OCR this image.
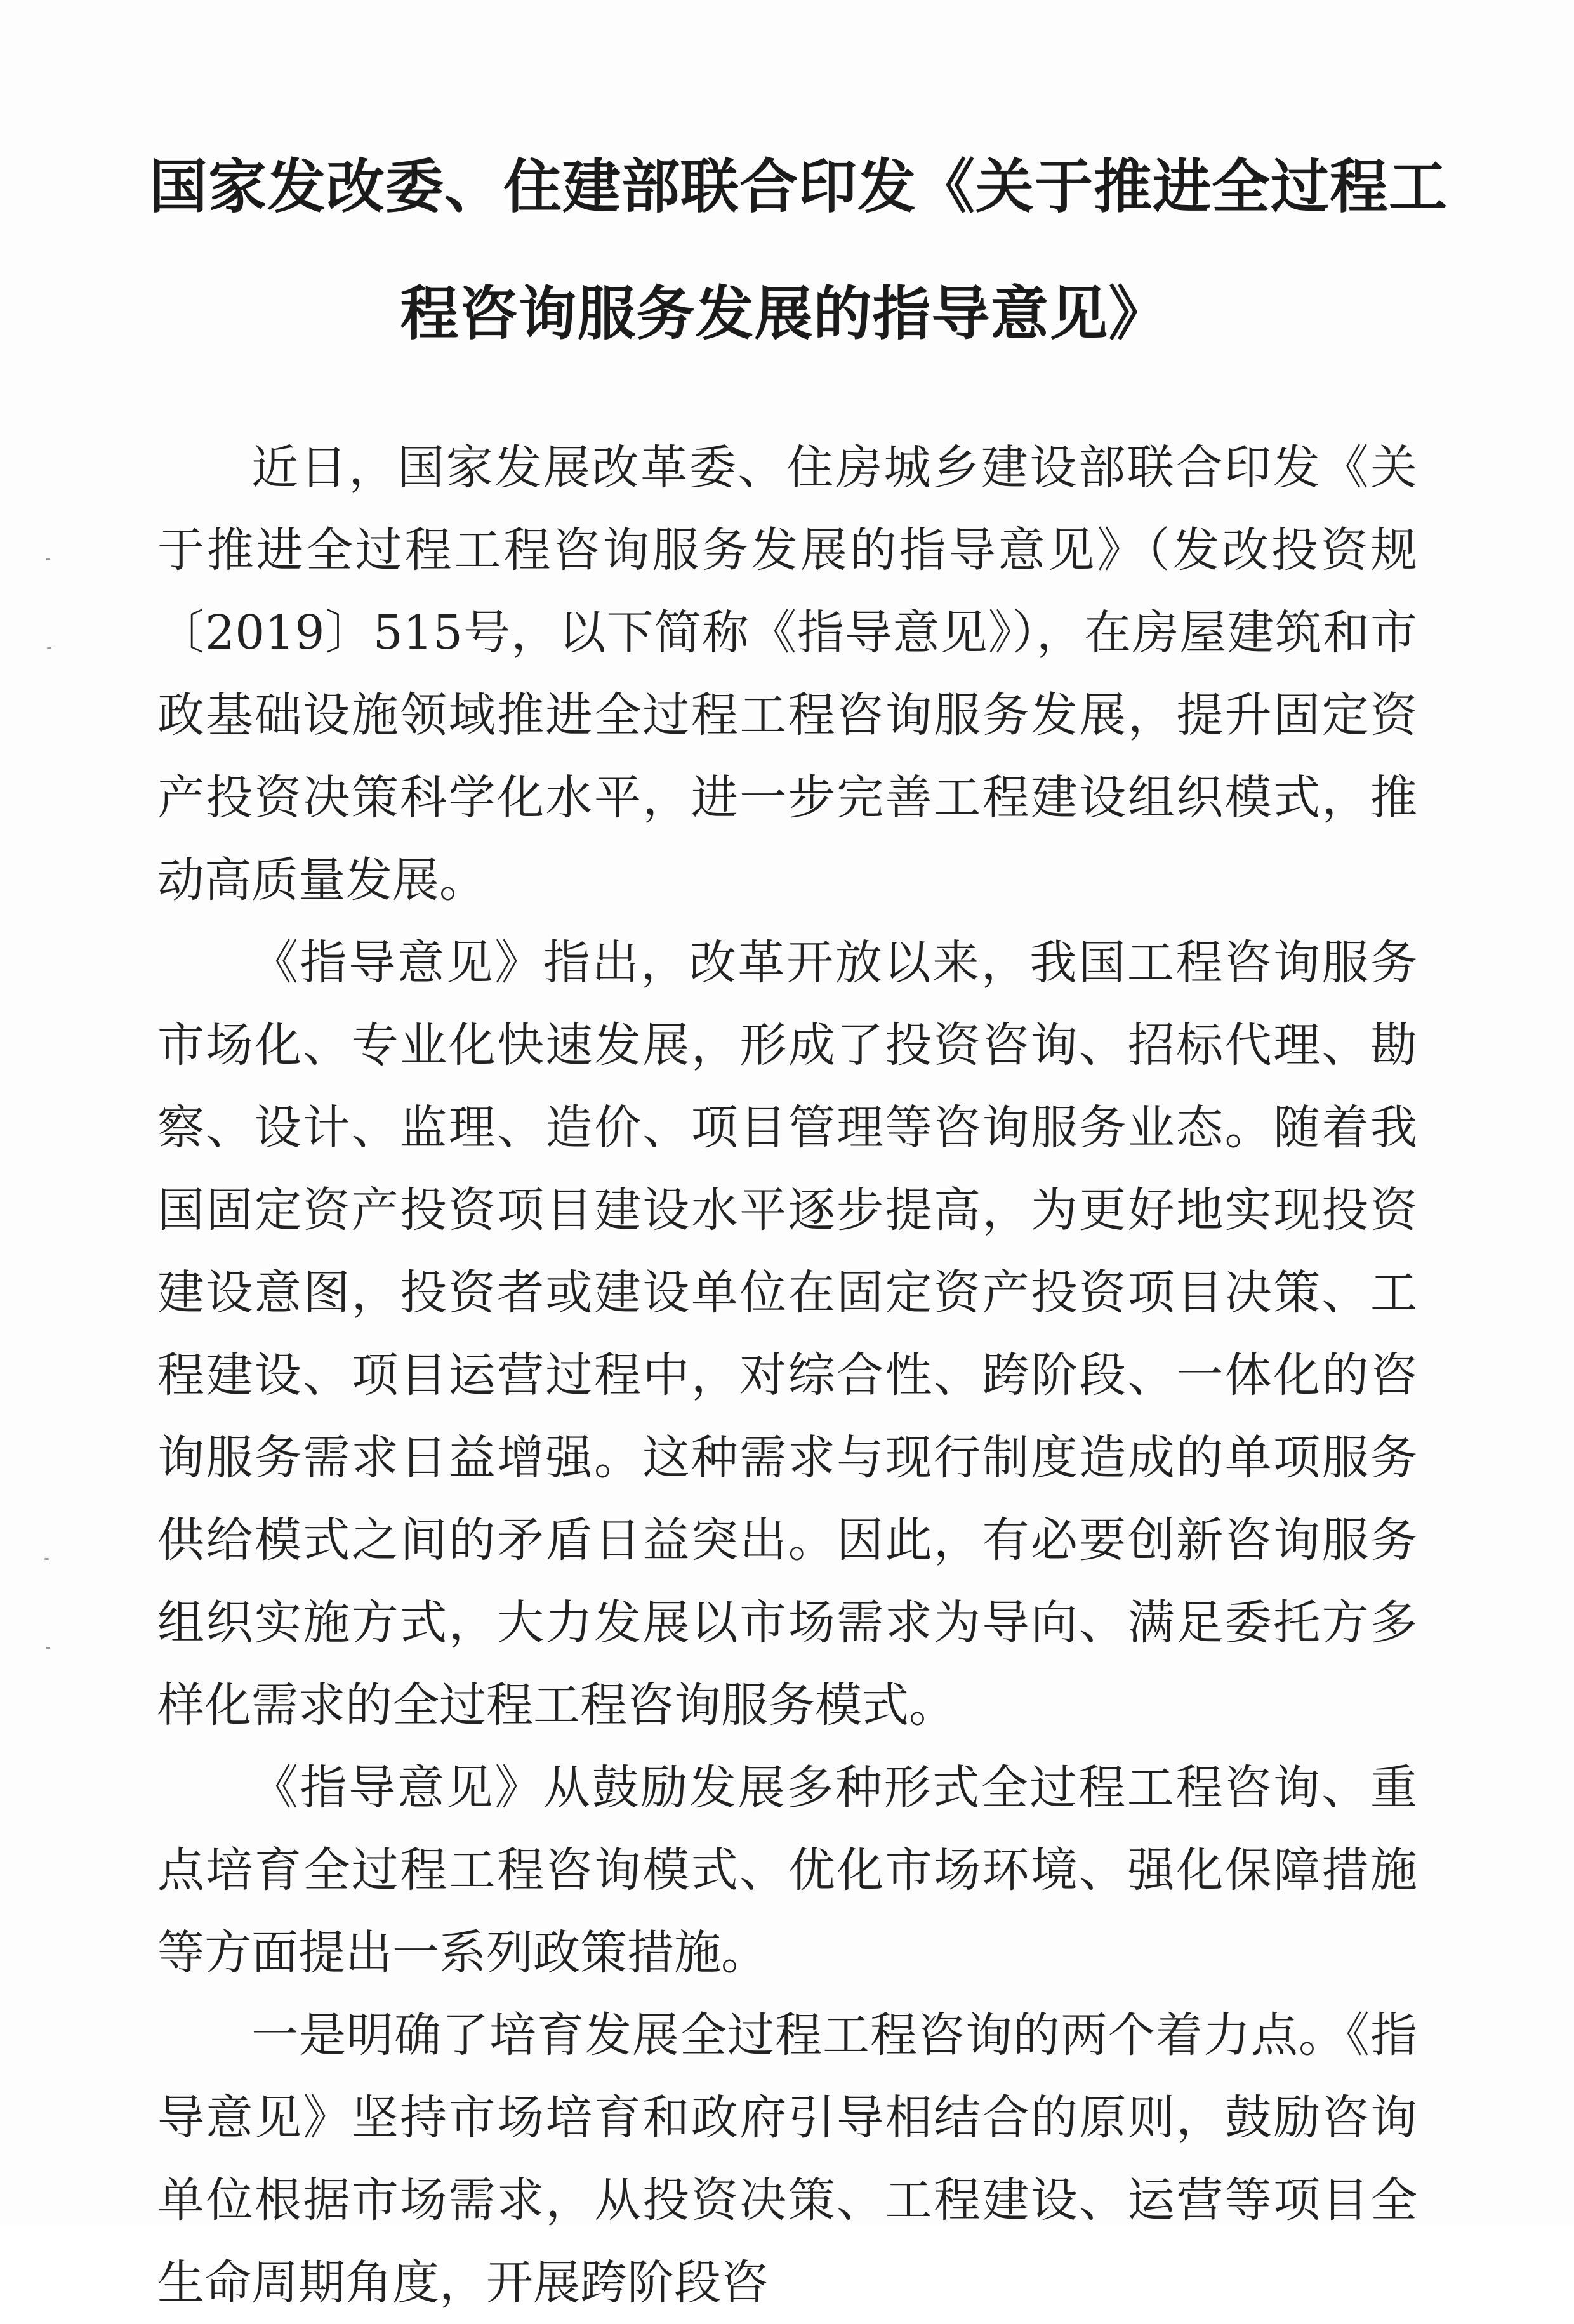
国家发改委、住建部联合印发《关于推进全过程工
程咨询服务发展的指导意见》

近日，国家发展改革委、住房城乡建设部联合印发《关于推进全过程工程咨询服务发展的指导意见》（发改投资规〔2019〕515号，以下简称《指导意见》），在房屋建筑和市政基础设施领域推进全过程工程咨询服务发展，提升固定资产投资决策科学化水平，进一步完善工程建设组织模式，推动高质量发展。

《指导意见》指出，改革开放以来，我国工程咨询服务市场化、专业化快速发展，形成了投资咨询、招标代理、勘察、设计、监理、造价、项目管理等咨询服务业态。随着我国固定资产投资项目建设水平逐步提高，为更好地实现投资建设意图，投资者或建设单位在固定资产投资项目决策、工程建设、项目运营过程中，对综合性、跨阶段、一体化的咨询服务需求日益增强。这种需求与现行制度造成的单项服务供给模式之间的矛盾日益突出。因此，有必要创新咨询服务组织实施方式，大力发展以市场需求为导向、满足委托方多样化需求的全过程工程咨询服务模式。

《指导意见》从鼓励发展多种形式全过程工程咨询、重点培育全过程工程咨询模式、优化市场环境、强化保障措施等方面提出一系列政策措施。

一是明确了培育发展全过程工程咨询的两个着力点。《指导意见》坚持市场培育和政府引导相结合的原则，鼓励咨询单位根据市场需求，从投资决策、工程建设、运营等项目全生命周期角度，开展跨阶段咨
